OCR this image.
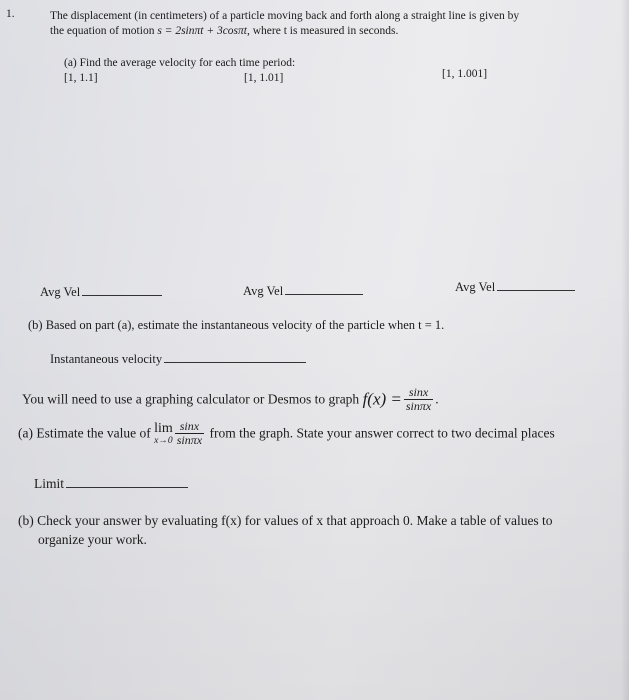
1.	The displacement (in centimeters) of a particle moving back and forth along a straight line is given by
the equation of motion s = 2sinπt + 3cosπt, where t is measured in seconds.
(a) Find the average velocity for each time period:
[1, 1.1]	[1, 1.01]	[1, 1.001]
Avg Vel	Avg Vel	Avg Vel
(b) Based on part (a), estimate the instantaneous velocity of the particle when t = 1.
Instantaneous velocity
You will need to use a graphing calculator or Desmos to graph $f(x) = \frac{\sin x}{\sin\pi x}$ .
(a) Estimate the value of lim
$x\to 0 \frac{\sin x}{\sin\pi x}$ from the graph. State your answer correct to two decimal places
Limit
(b) Check your answer by evaluating f(x) for values of x that approach 0. Make a table of values to
organize your work.
